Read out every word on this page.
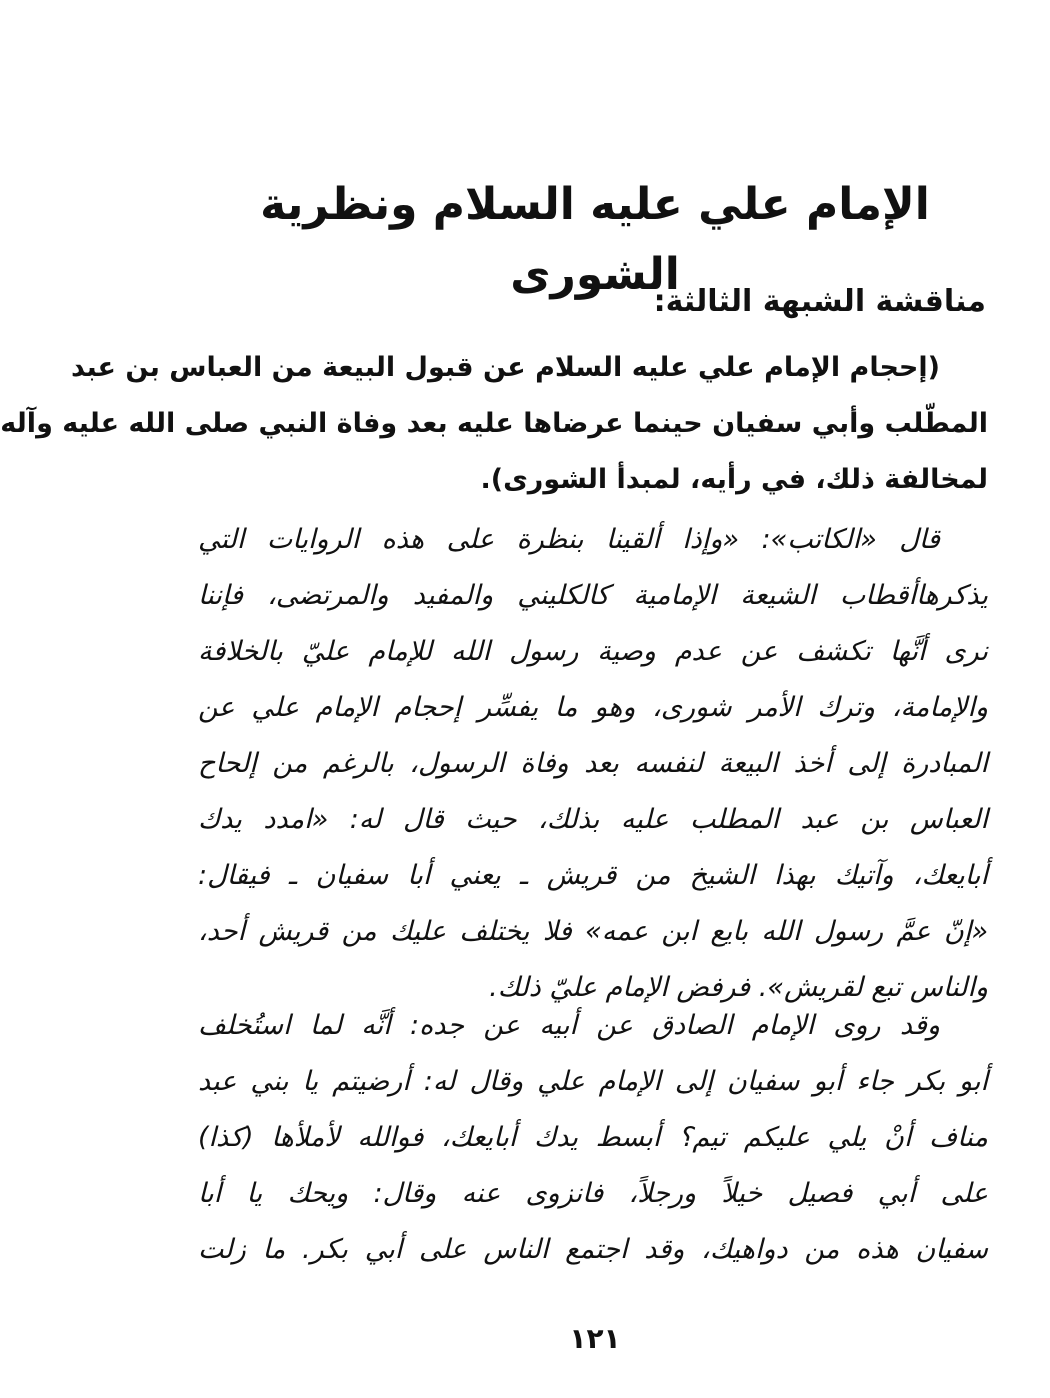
الإمام علي عليه السلام ونظرية الشورى
مناقشة الشبهة الثالثة:
(إحجام الإمام علي عليه السلام عن قبول البيعة من العباس بن عبد
المطّلب وأبي سفيان حينما عرضاها عليه بعد وفاة النبي صلى الله عليه وآله
لمخالفة ذلك، في رأيه، لمبدأ الشورى).
قال «الكاتب»: «وإذا ألقينا بنظرة على هذه الروايات التي
يذكرهاأقطاب الشيعة الإمامية كالكليني والمفيد والمرتضى، فإننا
نرى أنَّها تكشف عن عدم وصية رسول الله للإمام عليّ بالخلافة
والإمامة، وترك الأمر شورى، وهو ما يفسِّر إحجام الإمام علي عن
المبادرة إلى أخذ البيعة لنفسه بعد وفاة الرسول، بالرغم من إلحاح
العباس بن عبد المطلب عليه بذلك، حيث قال له: «امدد يدك
أبايعك، وآتيك بهذا الشيخ من قريش ـ يعني أبا سفيان ـ فيقال:
«إنّ عمَّ رسول الله بايع ابن عمه» فلا يختلف عليك من قريش أحد،
والناس تبع لقريش». فرفض الإمام عليّ ذلك.
وقد روى الإمام الصادق عن أبيه عن جده: أنَّه لما استُخلف
أبو بكر جاء أبو سفيان إلى الإمام علي وقال له: أرضيتم يا بني عبد
مناف أنْ يلي عليكم تيم؟ أبسط يدك أبايعك، فوالله لأملأها (كذا)
على أبي فصيل خيلاً ورجلاً، فانزوى عنه وقال: ويحك يا أبا
سفيان هذه من دواهيك، وقد اجتمع الناس على أبي بكر. ما زلت
١٢١
